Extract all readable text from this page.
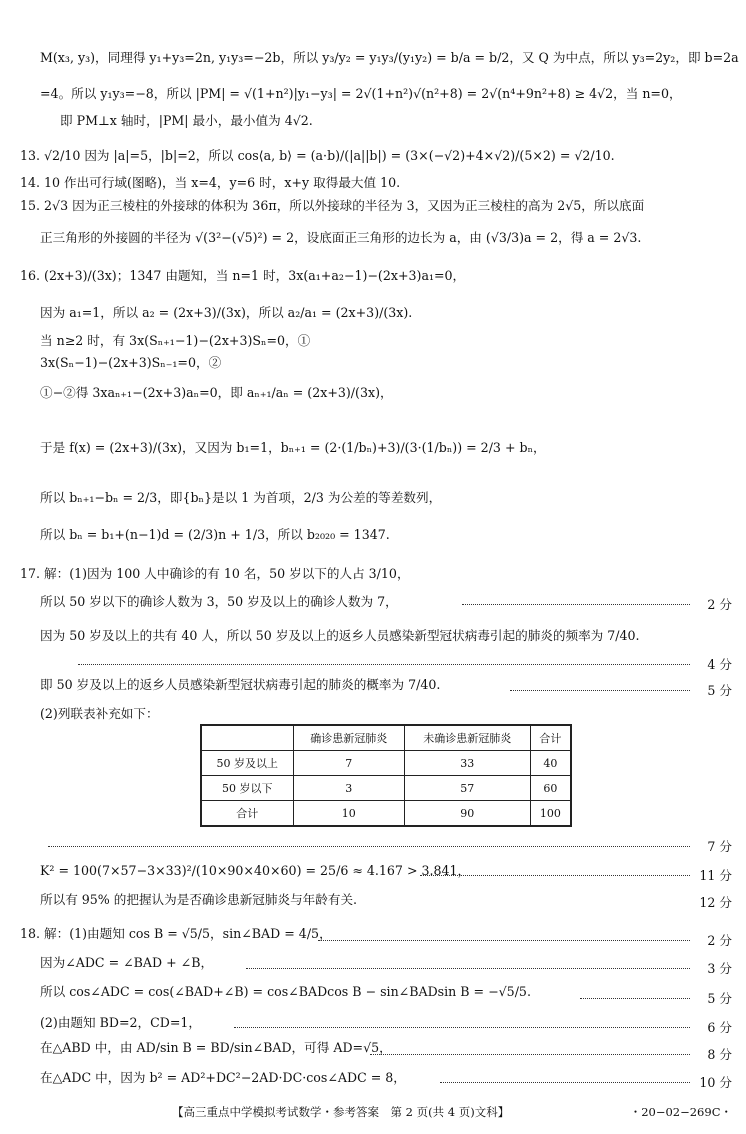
M(x₃, y₃)，同理得 y₁+y₃=2n, y₁y₃=−2b，所以 y₃/y₂ = y₁y₃/(y₁y₂) = b/a = b/2，又 Q 为中点，所以 y₃=2y₂，即 b=2a
=4。所以 y₁y₃=−8，所以 |PM| = √(1+n²)|y₁−y₃| = 2√(1+n²)√(n²+8) = 2√(n⁴+9n²+8) ≥ 4√2，当 n=0，
即 PM⊥x 轴时，|PM| 最小，最小值为 4√2.
13. √2/10 因为 |a|=5，|b|=2，所以 cos⟨a, b⟩ = (a·b)/(|a||b|) = (3×(−√2)+4×√2)/(5×2) = √2/10.
14. 10 作出可行域(图略)，当 x=4，y=6 时，x+y 取得最大值 10.
15. 2√3 因为正三棱柱的外接球的体积为 36π，所以外接球的半径为 3，又因为正三棱柱的高为 2√5，所以底面
正三角形的外接圆的半径为 √(3²−(√5)²) = 2，设底面正三角形的边长为 a，由 (√3/3)a = 2，得 a = 2√3.
16. (2x+3)/(3x)；1347 由题知，当 n=1 时，3x(a₁+a₂−1)−(2x+3)a₁=0，
因为 a₁=1，所以 a₂ = (2x+3)/(3x)，所以 a₂/a₁ = (2x+3)/(3x).
当 n≥2 时，有 3x(Sₙ₊₁−1)−(2x+3)Sₙ=0，①
3x(Sₙ−1)−(2x+3)Sₙ₋₁=0，②
①−②得 3xaₙ₊₁−(2x+3)aₙ=0，即 aₙ₊₁/aₙ = (2x+3)/(3x)，
于是 f(x) = (2x+3)/(3x)，又因为 b₁=1，bₙ₊₁ = (2·(1/bₙ)+3)/(3·(1/bₙ)) = 2/3 + bₙ，
所以 bₙ₊₁−bₙ = 2/3，即{bₙ}是以 1 为首项，2/3 为公差的等差数列，
所以 bₙ = b₁+(n−1)d = (2/3)n + 1/3，所以 b₂₀₂₀ = 1347.
17. 解：(1)因为 100 人中确诊的有 10 名，50 岁以下的人占 3/10，
所以 50 岁以下的确诊人数为 3，50 岁及以上的确诊人数为 7，	2 分
因为 50 岁及以上的共有 40 人，所以 50 岁及以上的返乡人员感染新型冠状病毒引起的肺炎的频率为 7/40.
4 分
即 50 岁及以上的返乡人员感染新型冠状病毒引起的肺炎的概率为 7/40.	5 分
(2)列联表补充如下：
	确诊患新冠肺炎	未确诊患新冠肺炎	合计
50 岁及以上	7	33	40
50 岁以下	3	57	60
合计	10	90	100
7 分
K² = 100(7×57−3×33)²/(10×90×40×60) = 25/6 ≈ 4.167 > 3.841，	11 分
所以有 95% 的把握认为是否确诊患新冠肺炎与年龄有关.	12 分
18. 解：(1)由题知 cos B = √5/5，sin∠BAD = 4/5，	2 分
因为∠ADC = ∠BAD + ∠B，	3 分
所以 cos∠ADC = cos(∠BAD+∠B) = cos∠BADcos B − sin∠BADsin B = −√5/5.	5 分
(2)由题知 BD=2，CD=1，	6 分
在△ABD 中，由 AD/sin B = BD/sin∠BAD，可得 AD=√5，	8 分
在△ADC 中，因为 b² = AD²+DC²−2AD·DC·cos∠ADC = 8，	10 分
【高三重点中学模拟考试数学・参考答案　第 2 页(共 4 页)文科】	・20−02−269C・
